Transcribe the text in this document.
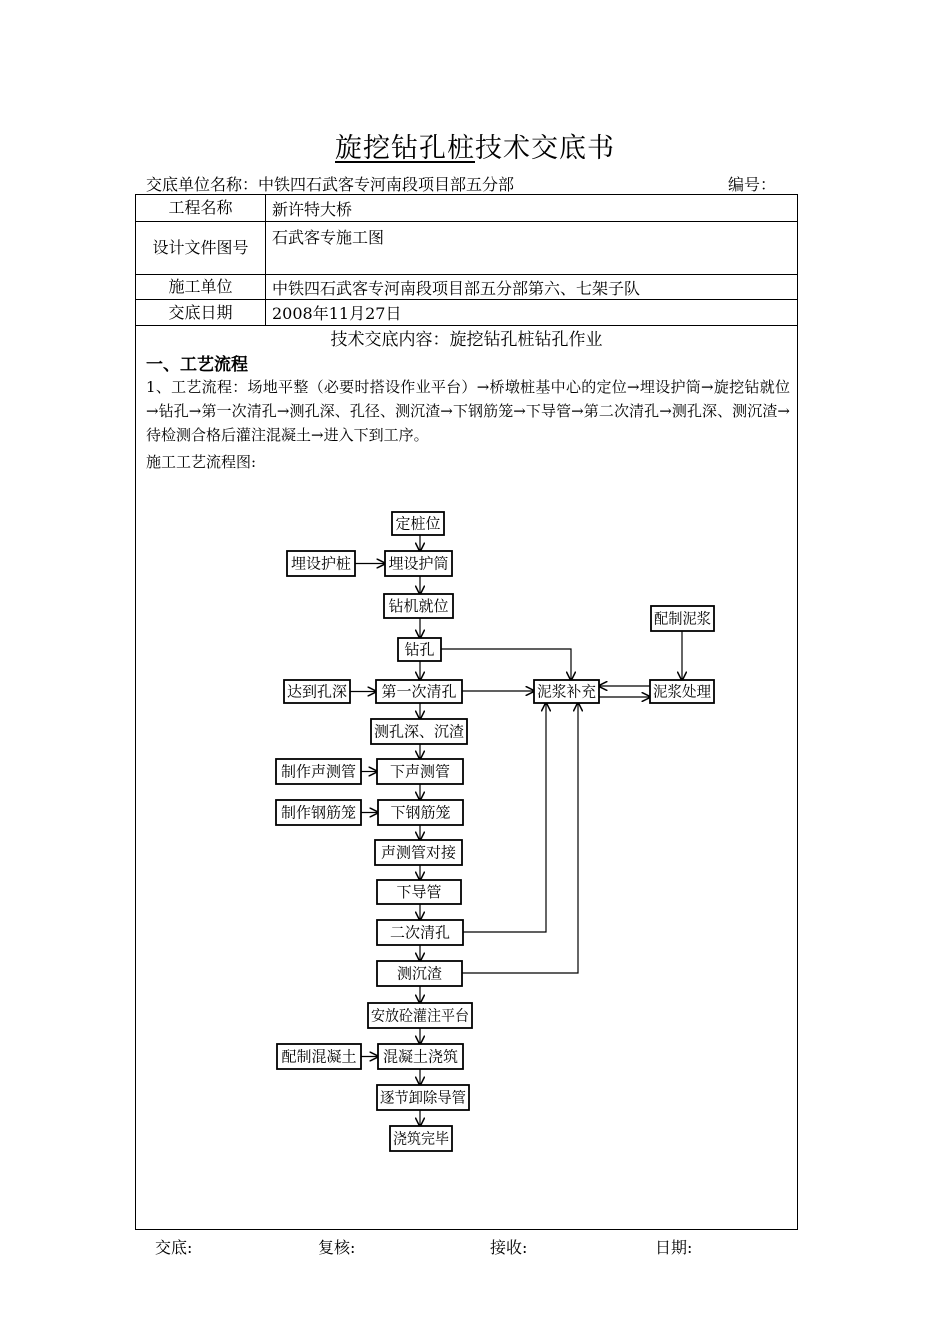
旋挖钻孔桩技术交底书
交底单位名称：中铁四石武客专河南段项目部五分部	编号：
工程名称	新许特大桥
设计文件图号	石武客专施工图
施工单位	中铁四石武客专河南段项目部五分部第六、七架子队
交底日期	2008年11月27日
技术交底内容：旋挖钻孔桩钻孔作业
一、工艺流程
1、工艺流程：场地平整（必要时搭设作业平台）→桥墩桩基中心的定位→埋设护筒→旋挖钻就位→钻孔→第一次清孔→测孔深、孔径、测沉渣→下钢筋笼→下导管→第二次清孔→测孔深、测沉渣→待检测合格后灌注混凝土→进入下到工序。
施工工艺流程图:
定桩位
埋设护筒
钻机就位
钻孔
第一次清孔
测孔深、沉渣
下声测管
下钢筋笼
声测管对接
下导管
二次清孔
测沉渣
安放砼灌注平台
混凝土浇筑
逐节卸除导管
浇筑完毕
埋设护桩
达到孔深
制作声测管
制作钢筋笼
配制混凝土
泥浆补充	泥浆处理
配制泥浆
交底:	复核:	接收:	日期:
